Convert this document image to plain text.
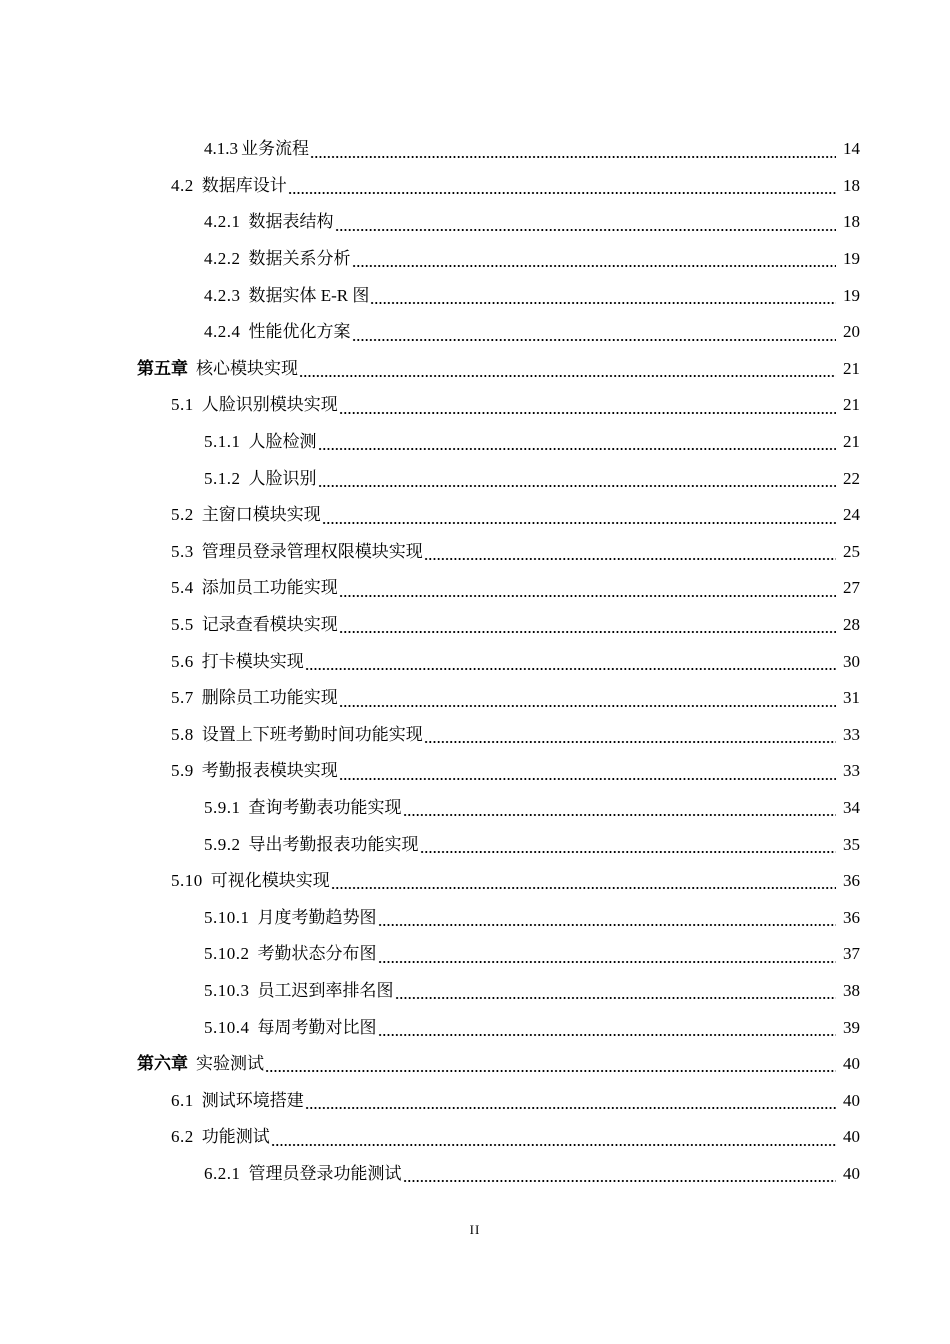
4.1.3 业务流程	14
4.2 数据库设计	18
4.2.1 数据表结构	18
4.2.2 数据关系分析	19
4.2.3 数据实体 E-R 图	19
4.2.4 性能优化方案	20
第五章 核心模块实现	21
5.1 人脸识别模块实现	21
5.1.1 人脸检测	21
5.1.2 人脸识别	22
5.2 主窗口模块实现	24
5.3 管理员登录管理权限模块实现	25
5.4 添加员工功能实现	27
5.5 记录查看模块实现	28
5.6 打卡模块实现	30
5.7 删除员工功能实现	31
5.8 设置上下班考勤时间功能实现	33
5.9 考勤报表模块实现	33
5.9.1 查询考勤表功能实现	34
5.9.2 导出考勤报表功能实现	35
5.10 可视化模块实现	36
5.10.1 月度考勤趋势图	36
5.10.2 考勤状态分布图	37
5.10.3 员工迟到率排名图	38
5.10.4 每周考勤对比图	39
第六章 实验测试	40
6.1 测试环境搭建	40
6.2 功能测试	40
6.2.1 管理员登录功能测试	40
II
